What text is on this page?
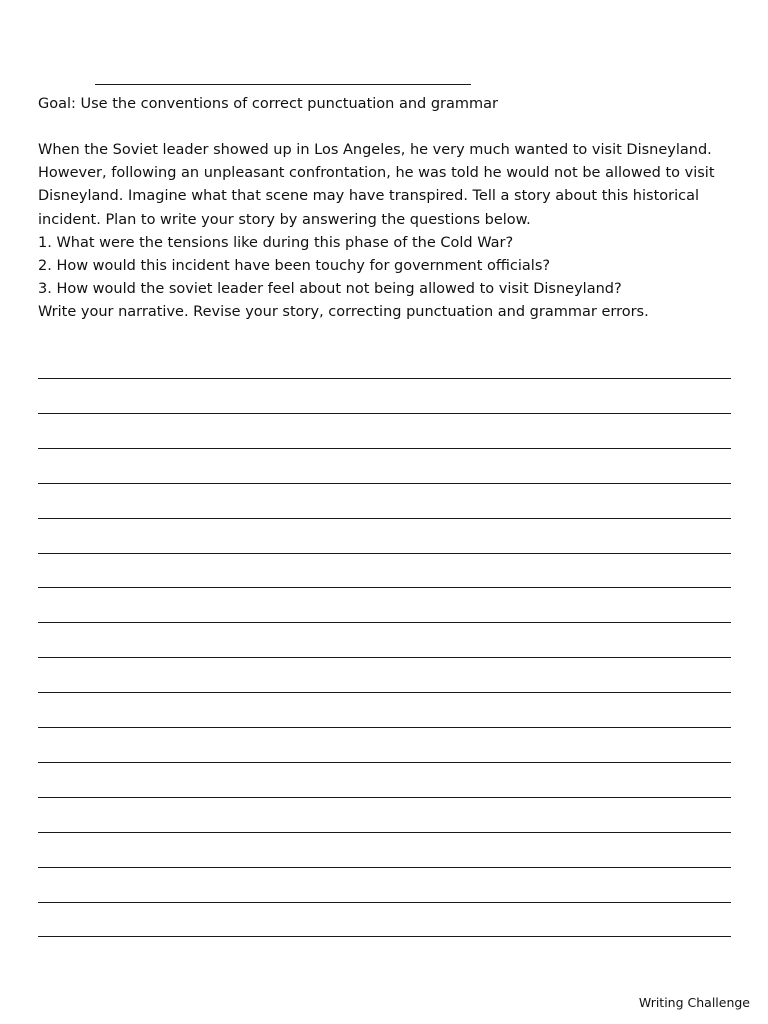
Goal: Use the conventions of correct punctuation and grammar

When the Soviet leader showed up in Los Angeles, he very much wanted to visit Disneyland.

However, following an unpleasant confrontation, he was told he would not be allowed to visit

Disneyland. Imagine what that scene may have transpired. Tell a story about this historical

incident. Plan to write your story by answering the questions below.

1. What were the tensions like during this phase of the Cold War?

2. How would this incident have been touchy for government officials?

3. How would the soviet leader feel about not being allowed to visit Disneyland?

Write your narrative. Revise your story, correcting punctuation and grammar errors.

Writing Challenge
